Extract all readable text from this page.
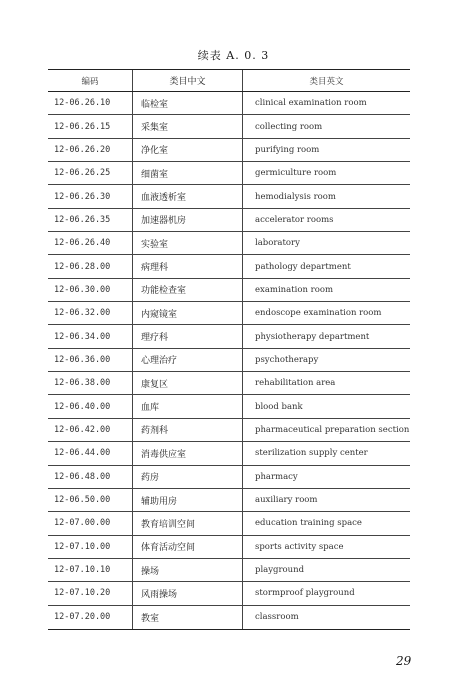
续表 A. 0. 3
编码	类目中文	类目英文
12-06.26.10	临检室	clinical examination room
12-06.26.15	采集室	collecting room
12-06.26.20	净化室	purifying room
12-06.26.25	细菌室	germiculture room
12-06.26.30	血液透析室	hemodialysis room
12-06.26.35	加速器机房	accelerator rooms
12-06.26.40	实验室	laboratory
12-06.28.00	病理科	pathology department
12-06.30.00	功能检查室	examination room
12-06.32.00	内窥镜室	endoscope examination room
12-06.34.00	理疗科	physiotherapy department
12-06.36.00	心理治疗	psychotherapy
12-06.38.00	康复区	rehabilitation area
12-06.40.00	血库	blood bank
12-06.42.00	药剂科	pharmaceutical preparation section
12-06.44.00	消毒供应室	sterilization supply center
12-06.48.00	药房	pharmacy
12-06.50.00	辅助用房	auxiliary room
12-07.00.00	教育培训空间	education training space
12-07.10.00	体育活动空间	sports activity space
12-07.10.10	操场	playground
12-07.10.20	风雨操场	stormproof playground
12-07.20.00	教室	classroom
29
